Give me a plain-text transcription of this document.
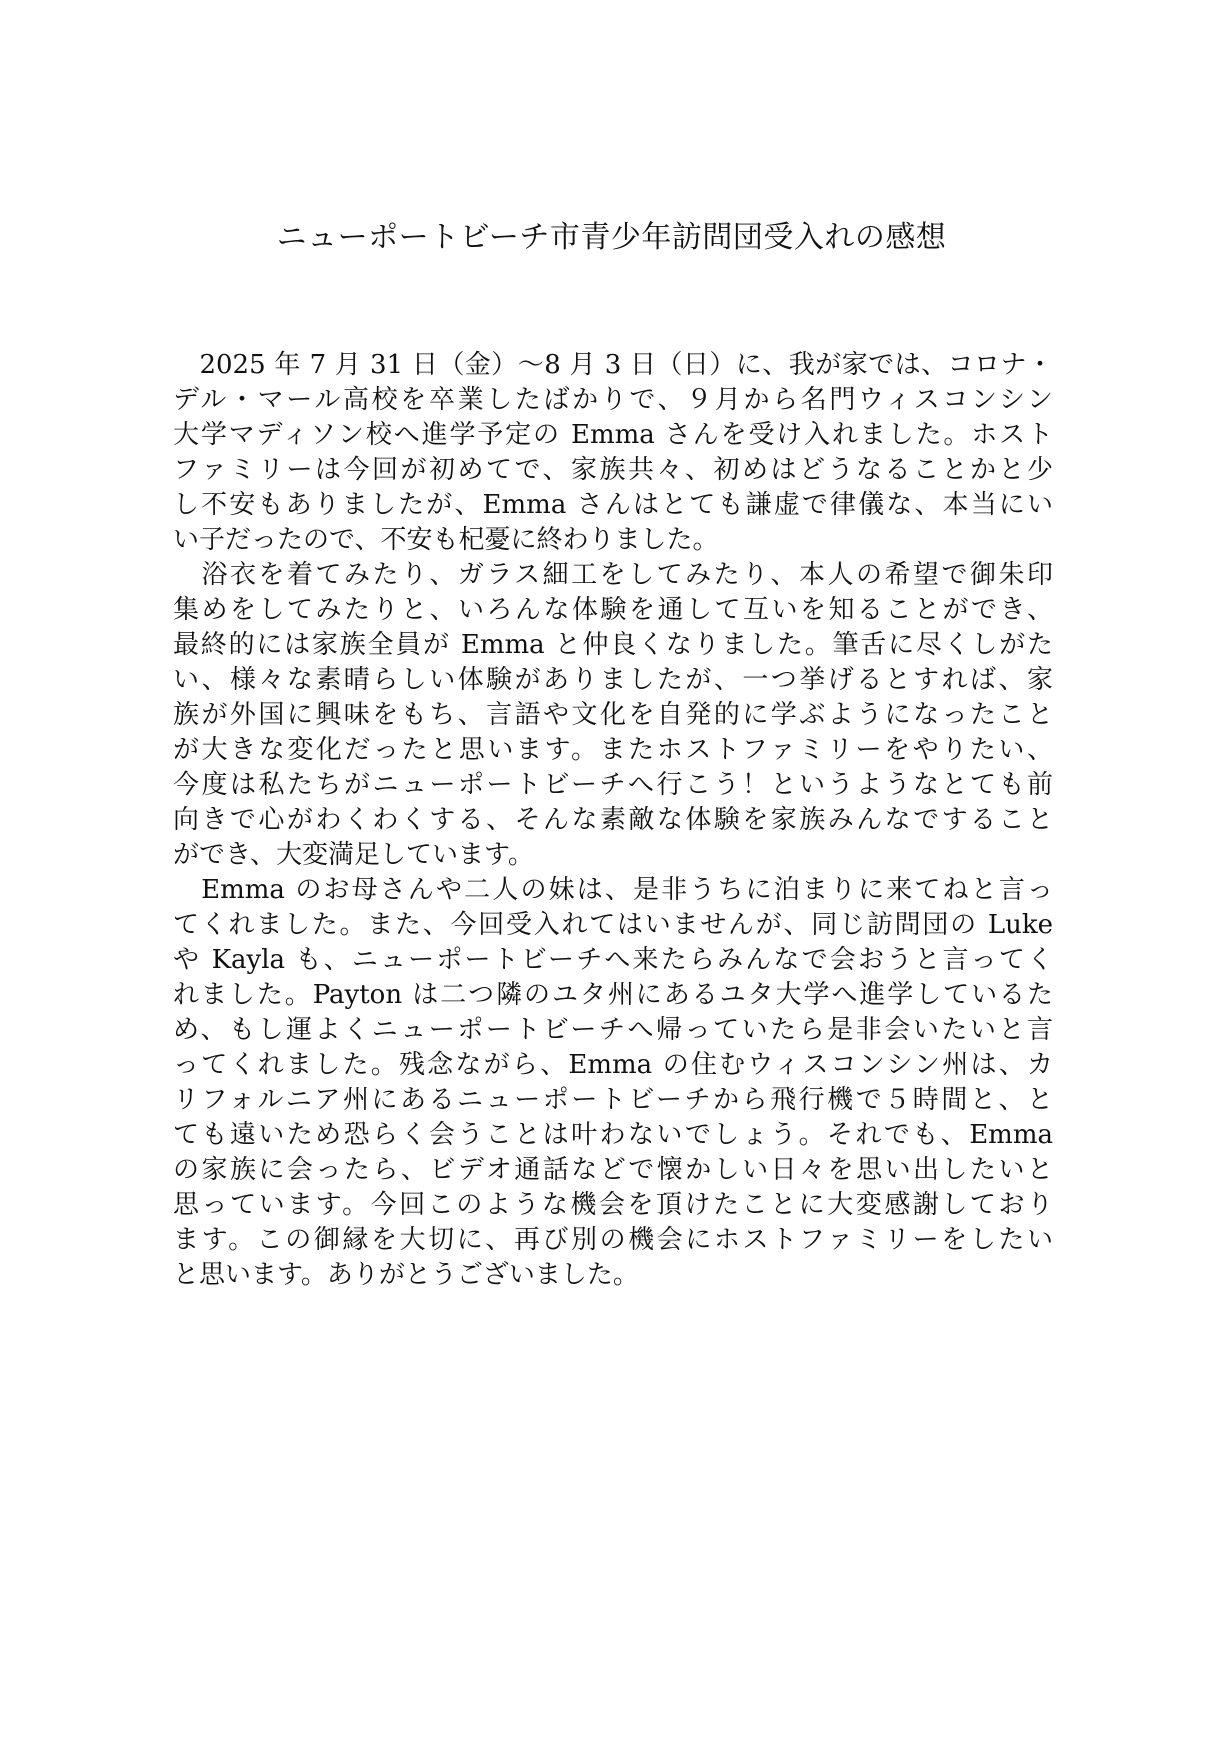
ニューポートビーチ市青少年訪問団受入れの感想
　2025 年 7 月 31 日（金）〜8 月 3 日（日）に、我が家では、コロナ・
デル・マール高校を卒業したばかりで、９月から名門ウィスコンシン
大学マディソン校へ進学予定の Emma さんを受け入れました。ホスト
ファミリーは今回が初めてで、家族共々、初めはどうなることかと少
し不安もありましたが、Emma さんはとても謙虚で律儀な、本当にい
い子だったので、不安も杞憂に終わりました。
　浴衣を着てみたり、ガラス細工をしてみたり、本人の希望で御朱印
集めをしてみたりと、いろんな体験を通して互いを知ることができ、
最終的には家族全員が Emma と仲良くなりました。筆舌に尽くしがた
い、様々な素晴らしい体験がありましたが、一つ挙げるとすれば、家
族が外国に興味をもち、言語や文化を自発的に学ぶようになったこと
が大きな変化だったと思います。またホストファミリーをやりたい、
今度は私たちがニューポートビーチへ行こう！というようなとても前
向きで心がわくわくする、そんな素敵な体験を家族みんなですること
ができ、大変満足しています。
　Emma のお母さんや二人の妹は、是非うちに泊まりに来てねと言っ
てくれました。また、今回受入れてはいませんが、同じ訪問団の Luke
や Kayla も、ニューポートビーチへ来たらみんなで会おうと言ってく
れました。Payton は二つ隣のユタ州にあるユタ大学へ進学しているた
め、もし運よくニューポートビーチへ帰っていたら是非会いたいと言
ってくれました。残念ながら、Emma の住むウィスコンシン州は、カ
リフォルニア州にあるニューポートビーチから飛行機で５時間と、と
ても遠いため恐らく会うことは叶わないでしょう。それでも、Emma
の家族に会ったら、ビデオ通話などで懐かしい日々を思い出したいと
思っています。今回このような機会を頂けたことに大変感謝しており
ます。この御縁を大切に、再び別の機会にホストファミリーをしたい
と思います。ありがとうございました。
